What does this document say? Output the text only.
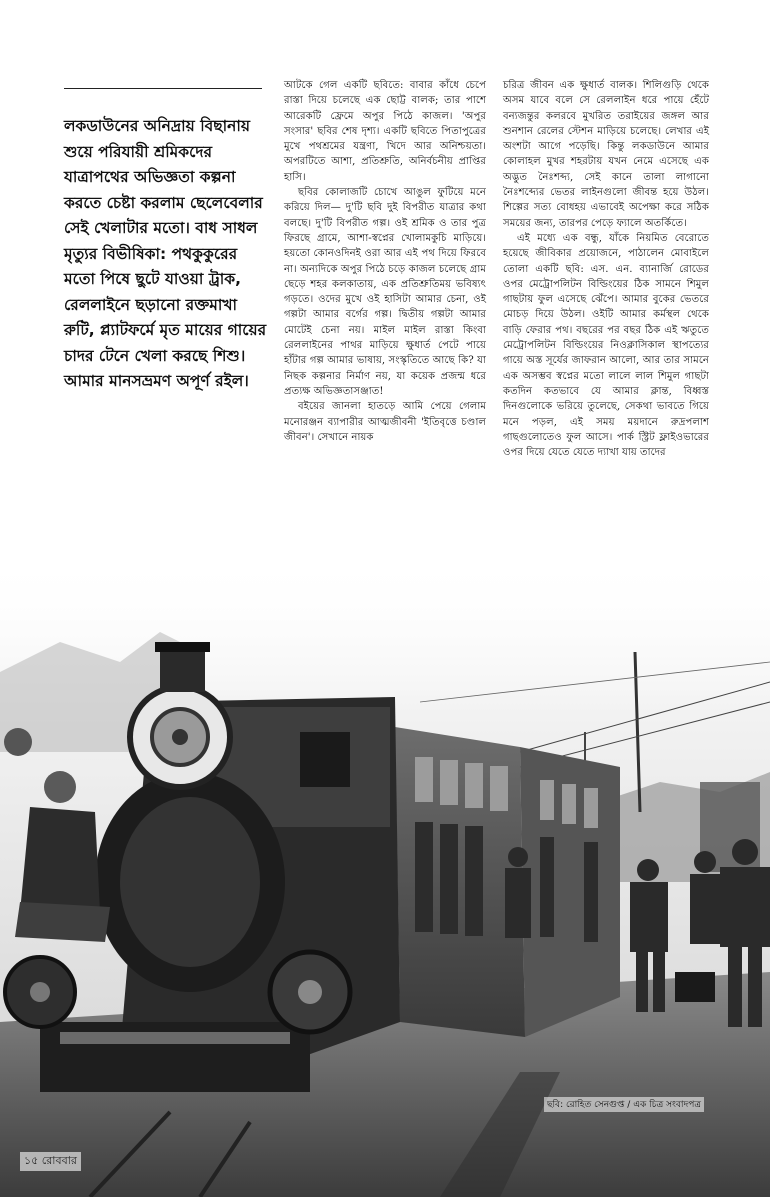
লকডাউনের অনিদ্রায় বিছানায় শুয়ে পরিযায়ী শ্রমিকদের যাত্রাপথের অভিজ্ঞতা কল্পনা করতে চেষ্টা করলাম ছেলেবেলার সেই খেলাটার মতো। বাধ সাধল মৃত্যুর বিভীষিকা: পথকুকুরের মতো পিষে ছুটে যাওয়া ট্রাক, রেললাইনে ছড়ানো রক্তমাখা রুটি, প্ল্যাটফর্মে মৃত মায়ের গায়ের চাদর টেনে খেলা করছে শিশু। আমার মানসভ্রমণ অপূর্ণ রইল।

আটকে গেল একটি ছবিতে: বাবার কাঁধে চেপে রাস্তা দিয়ে চলেছে এক ছোট্ট বালক; তার পাশে আরেকটি ফ্রেমে অপুর পিঠে কাজল। 'অপুর সংসার' ছবির শেষ দৃশ্য। একটি ছবিতে পিতাপুত্রের মুখে পথশ্রমের যন্ত্রণা, খিদে আর অনিশ্চয়তা। অপরটিতে আশা, প্রতিশ্রুতি, অনির্বচনীয় প্রাপ্তির হাসি।

ছবির কোলাজটি চোখে আঙুল ফুটিয়ে মনে করিয়ে দিল— দু'টি ছবি দুই বিপরীত যাত্রার কথা বলছে। দু'টি বিপরীত গল্প। ওই শ্রমিক ও তার পুত্র ফিরছে গ্রামে, আশা-স্বপ্নের খোলামকুচি মাড়িয়ে। হয়তো কোনওদিনই ওরা আর এই পথ দিয়ে ফিরবে না। অন্যদিকে অপুর পিঠে চড়ে কাজল চলেছে গ্রাম ছেড়ে শহর কলকাতায়, এক প্রতিশ্রুতিময় ভবিষ্যৎ গড়তে। ওদের মুখে ওই হাসিটা আমার চেনা, ওই গল্পটা আমার বর্গের গল্প। দ্বিতীয় গল্পটা আমার মোটেই চেনা নয়। মাইল মাইল রাস্তা কিংবা রেললাইনের পাথর মাড়িয়ে ক্ষুধার্ত পেটে পায়ে হাঁটার গল্প আমার ভাষায়, সংস্কৃতিতে আছে কি? যা নিছক কল্পনার নির্মাণ নয়, যা কয়েক প্রজন্ম ধরে প্রত্যক্ষ অভিজ্ঞতাসঞ্জাত!

বইয়ের জানলা হাতড়ে আমি পেয়ে গেলাম মনোরঞ্জন ব্যাপারীর আত্মজীবনী 'ইতিবৃত্তে চণ্ডাল জীবন'। সেখানে নায়ক

চরিত্র জীবন এক ক্ষুধার্ত বালক। শিলিগুড়ি থেকে অসম যাবে বলে সে রেললাইন ধরে পায়ে হেঁটে বন্যজন্তুর কলরবে মুখরিত তরাইয়ের জঙ্গল আর শুনশান রেলের স্টেশন মাড়িয়ে চলেছে। লেখার এই অংশটা আগে পড়েছি। কিন্তু লকডাউনে আমার কোলাহল মুখর শহরটায় যখন নেমে এসেছে এক অদ্ভুত নৈঃশব্দ্য, সেই কানে তালা লাগানো নৈঃশব্দ্যের ভেতর লাইনগুলো জীবন্ত হয়ে উঠল। শিল্পের সত্য বোধহয় এভাবেই অপেক্ষা করে সঠিক সময়ের জন্য, তারপর পেড়ে ফ্যালে অতর্কিতে।

এই মধ্যে এক বন্ধু, যাঁকে নিয়মিত বেরোতে হয়েছে জীবিকার প্রয়োজনে, পাঠালেন মোবাইলে তোলা একটি ছবি: এস. এন. ব্যানার্জি রোডের ওপর মেট্রোপলিটন বিল্ডিংয়ের ঠিক সামনে শিমুল গাছটায় ফুল এসেছে ঝেঁপে। আমার বুকের ভেতরে মোচড় দিয়ে উঠল। ওইটি আমার কর্মস্থল থেকে বাড়ি ফেরার পথ। বছরের পর বছর ঠিক এই ঋতুতে মেট্রোপলিটন বিল্ডিংয়ের নিওক্লাসিকাল স্থাপত্যের গায়ে অস্ত সূর্যের জাফরান আলো, আর তার সামনে এক অসম্ভব স্বপ্নের মতো লালে লাল শিমুল গাছটা কতদিন কতভাবে যে আমার ক্লান্ত, বিধ্বস্ত দিনগুলোকে ভরিয়ে তুলেছে, সেকথা ভাবতে গিয়ে মনে পড়ল, এই সময় ময়দানে রুদ্রপলাশ গাছগুলোতেও ফুল আসে। পার্ক স্ট্রিট ফ্লাইওভারের ওপর দিয়ে যেতে যেতে দ্যাখা যায় তাদের

ছবি: রোহিত সেনগুপ্ত / এক চিত্র সংবাদপত্র
১৫ রোববার
